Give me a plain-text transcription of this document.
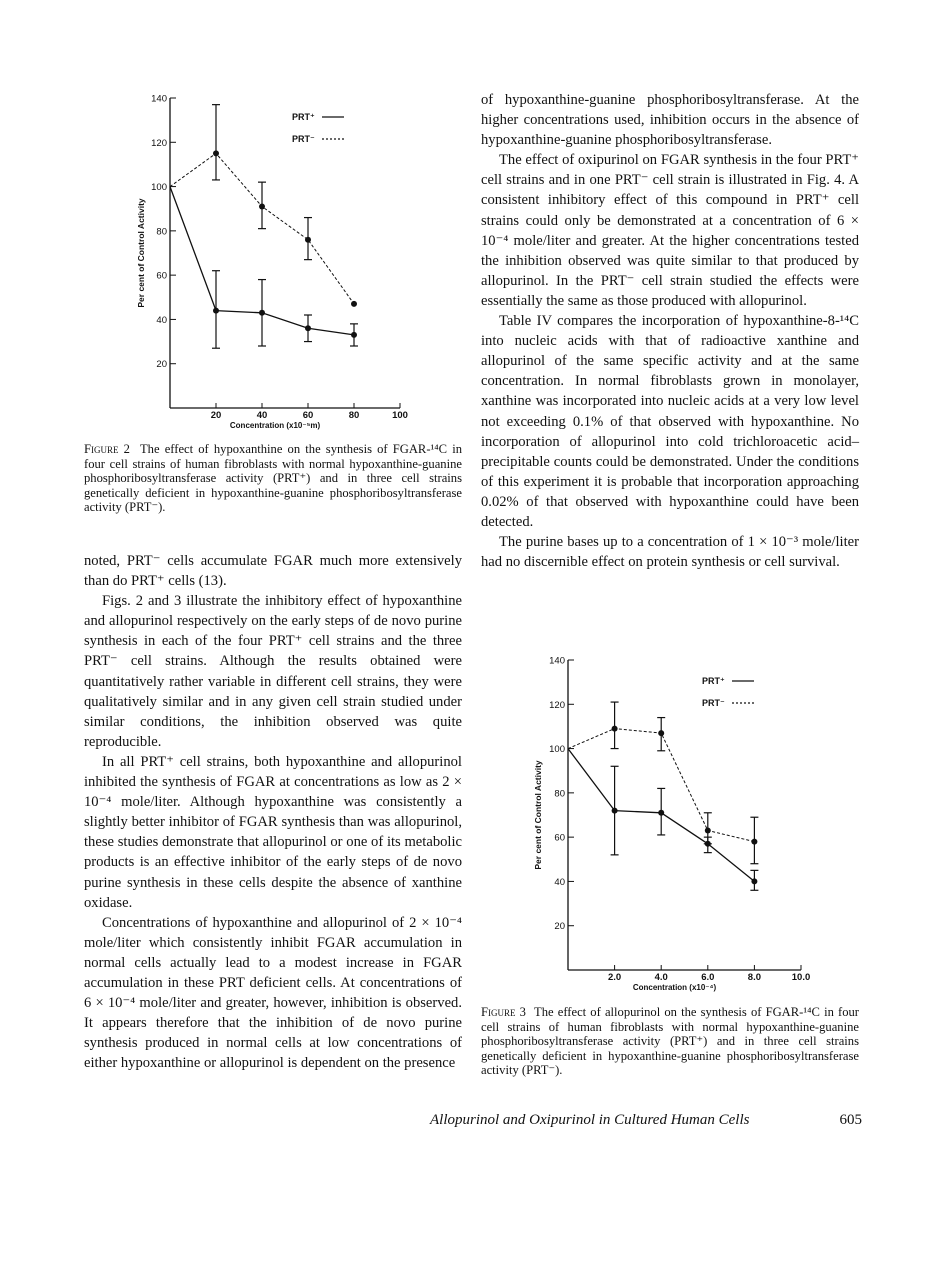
20
40
60
80
100
120
140
20	40	60	80	100
Concentration (x10⁻⁵m)
Per cent of Control Activity
PRT⁺
PRT⁻
Figure 2 The effect of hypoxanthine on the synthesis of FGAR-¹⁴C in four cell strains of human fibroblasts with normal hypoxanthine-guanine phosphoribosyltransferase activity (PRT⁺) and in three cell strains genetically deficient in hypoxanthine-guanine phosphoribosyltransferase activity (PRT⁻).

noted, PRT⁻ cells accumulate FGAR much more extensively than do PRT⁺ cells (13).

Figs. 2 and 3 illustrate the inhibitory effect of hypoxanthine and allopurinol respectively on the early steps of de novo purine synthesis in each of the four PRT⁺ cell strains and the three PRT⁻ cell strains. Although the results obtained were quantitatively rather variable in different cell strains, they were qualitatively similar and in any given cell strain studied under similar conditions, the inhibition observed was quite reproducible.

In all PRT⁺ cell strains, both hypoxanthine and allopurinol inhibited the synthesis of FGAR at concentrations as low as 2 × 10⁻⁴ mole/liter. Although hypoxanthine was consistently a slightly better inhibitor of FGAR synthesis than was allopurinol, these studies demonstrate that allopurinol or one of its metabolic products is an effective inhibitor of the early steps of de novo purine synthesis in these cells despite the absence of xanthine oxidase.

Concentrations of hypoxanthine and allopurinol of 2 × 10⁻⁴ mole/liter which consistently inhibit FGAR accumulation in normal cells actually lead to a modest increase in FGAR accumulation in these PRT deficient cells. At concentrations of 6 × 10⁻⁴ mole/liter and greater, however, inhibition is observed. It appears therefore that the inhibition of de novo purine synthesis produced in normal cells at low concentrations of either hypoxanthine or allopurinol is dependent on the presence

of hypoxanthine-guanine phosphoribosyltransferase. At the higher concentrations used, inhibition occurs in the absence of hypoxanthine-guanine phosphoribosyltransferase.

The effect of oxipurinol on FGAR synthesis in the four PRT⁺ cell strains and in one PRT⁻ cell strain is illustrated in Fig. 4. A consistent inhibitory effect of this compound in PRT⁺ cell strains could only be demonstrated at a concentration of 6 × 10⁻⁴ mole/liter and greater. At the higher concentrations tested the inhibition observed was quite similar to that produced by allopurinol. In the PRT⁻ cell strain studied the effects were essentially the same as those produced with allopurinol.

Table IV compares the incorporation of hypoxanthine-8-¹⁴C into nucleic acids with that of radioactive xanthine and allopurinol of the same specific activity and at the same concentration. In normal fibroblasts grown in monolayer, xanthine was incorporated into nucleic acids at a very low level not exceeding 0.1% of that observed with hypoxanthine. No incorporation of allopurinol into cold trichloroacetic acid–precipitable counts could be demonstrated. Under the conditions of this experiment it is probable that incorporation approaching 0.02% of that observed with hypoxanthine could have been detected.

The purine bases up to a concentration of 1 × 10⁻³ mole/liter had no discernible effect on protein synthesis or cell survival.

20
40
60
80
100
120
140
2.0	4.0	6.0	8.0	10.0
Concentration (x10⁻⁴)
Per cent of Control Activity
PRT⁺
PRT⁻
Figure 3 The effect of allopurinol on the synthesis of FGAR-¹⁴C in four cell strains of human fibroblasts with normal hypoxanthine-guanine phosphoribosyltransferase activity (PRT⁺) and in three cell strains genetically deficient in hypoxanthine-guanine phosphoribosyltransferase activity (PRT⁻).
Allopurinol and Oxipurinol in Cultured Human Cells	605
